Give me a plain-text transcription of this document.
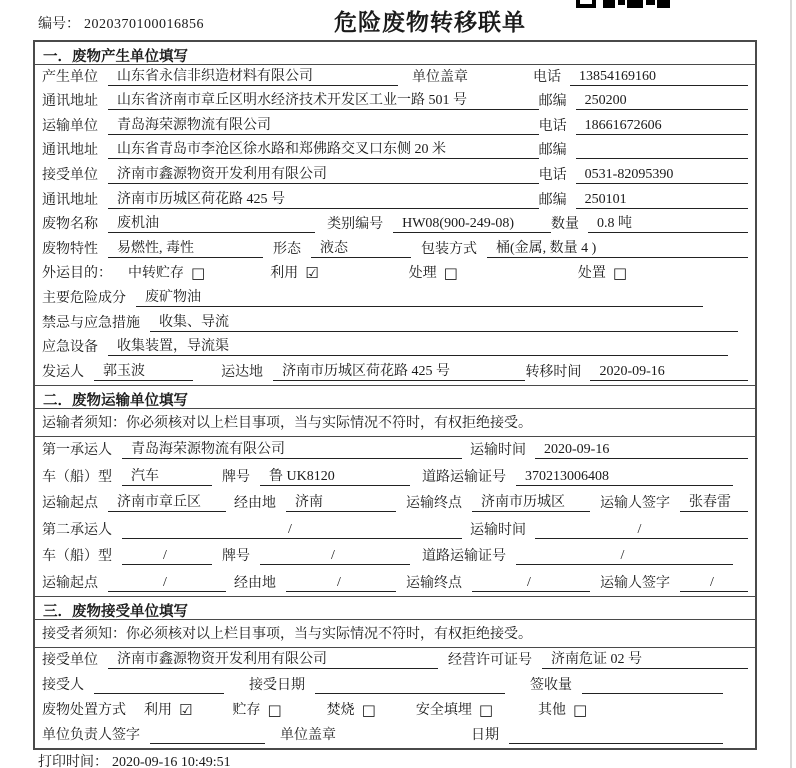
编号： 2020370100016856	危险废物转移联单
一．废物产生单位填写
产生单位	山东省永信非织造材料有限公司	单位盖章	电话	13854169160
通讯地址	山东省济南市章丘区明水经济技术开发区工业一路 501 号	邮编	250200
运输单位	青岛海荣源物流有限公司	电话	18661672606
通讯地址	山东省青岛市李沧区徐水路和郑佛路交叉口东侧 20 米	邮编
接受单位	济南市鑫源物资开发利用有限公司	电话	0531-82095390
通讯地址	济南市历城区荷花路 425 号	邮编	250101
废物名称	废机油	类别编号	HW08(900-249-08)	数量	0.8 吨
废物特性	易燃性, 毒性	形态	液态	包装方式	桶(金属, 数量 4 )
外运目的： 中转贮存 □	利用 ☑	处理 □	处置 □
主要危险成分	废矿物油
禁忌与应急措施	收集、导流
应急设备	收集装置，导流渠
发运人	郭玉波	运达地	济南市历城区荷花路 425 号	转移时间	2020-09-16
二．废物运输单位填写
运输者须知： 你必须核对以上栏目事项，当与实际情况不符时，有权拒绝接受。
第一承运人	青岛海荣源物流有限公司	运输时间	2020-09-16
车（船）型	汽车	牌号	鲁 UK8120	道路运输证号	370213006408
运输起点	济南市章丘区	经由地	济南	运输终点	济南市历城区	运输人签字	张春雷
第二承运人	/	运输时间	/
车（船）型	/	牌号	/	道路运输证号	/
运输起点	/	经由地	/	运输终点	/	运输人签字	/
三．废物接受单位填写
接受者须知： 你必须核对以上栏目事项，当与实际情况不符时，有权拒绝接受。
接受单位	济南市鑫源物资开发利用有限公司	经营许可证号	济南危证 02 号
接受人	接受日期	签收量
废物处置方式 利用 ☑	贮存 □	焚烧 □	安全填埋 □	其他 □
单位负责人签字	单位盖章	日期
打印时间： 2020-09-16 10:49:51
